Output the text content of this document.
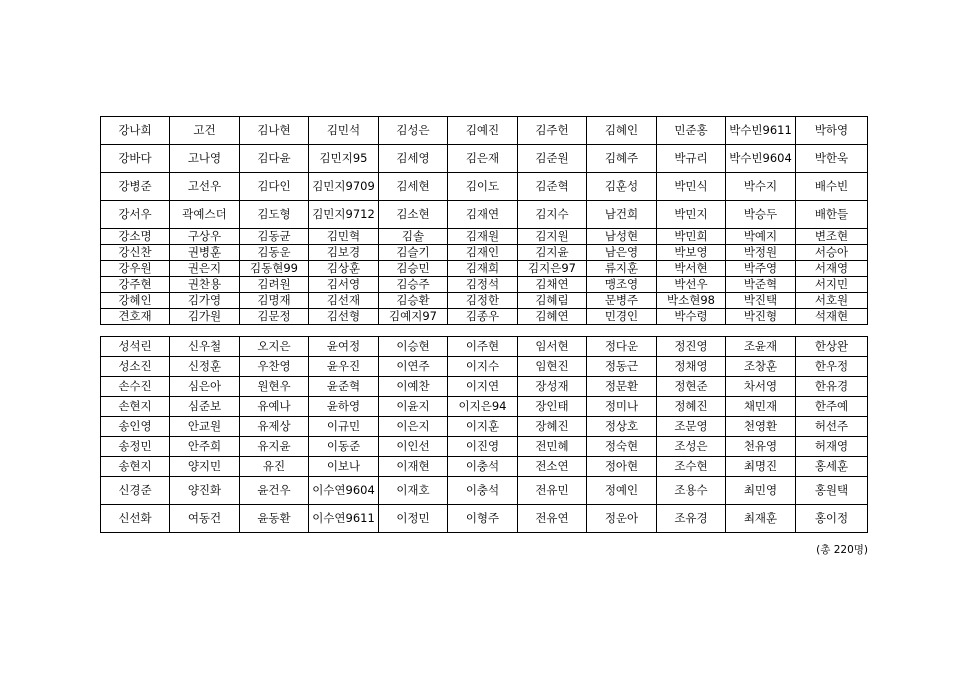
강나희	고건	김나현	김민석	김성은	김예진	김주헌	김혜인	민준홍	박수빈9611	박하영
강바다	고나영	김다윤	김민지95	김세영	김은재	김준원	김혜주	박규리	박수빈9604	박한욱
강병준	고선우	김다인	김민지9709	김세현	김이도	김준혁	김훈성	박민식	박수지	배수빈
강서우	곽예스더	김도형	김민지9712	김소현	김재연	김지수	남건희	박민지	박승두	배한들
강소명	구상우	김동균	김민혁	김솔	김재원	김지원	남성현	박민희	박예지	변조현
강신찬	권병훈	김동운	김보경	김슬기	김재인	김지윤	남은영	박보영	박정원	서승아
강우원	권은지	김동현99	김상훈	김승민	김재희	김지은97	류지훈	박서현	박주영	서재영
강주현	권찬용	김려원	김서영	김승주	김정석	김채연	맹조영	박선우	박준혁	서지민
강혜인	김가영	김명재	김선재	김승환	김정한	김혜림	문병주	박소현98	박진택	서호원
견호재	김가원	김문정	김선형	김예지97	김종우	김혜연	민경인	박수령	박진형	석재현
성석린	신우철	오지은	윤여정	이승현	이주현	임서현	정다운	정진영	조윤재	한상완
성소진	신정훈	우찬영	윤우진	이연주	이지수	임현진	정동근	정채영	조창훈	한우정
손수진	심은아	원현우	윤준혁	이예찬	이지연	장성재	정문환	정현준	차서영	한유경
손현지	심준보	유예나	윤하영	이윤지	이지은94	장인태	정미나	정혜진	채민재	한주예
송인영	안교원	유제상	이규민	이은지	이지훈	장혜진	정상호	조문영	천영환	허선주
송정민	안주희	유지윤	이동준	이인선	이진영	전민혜	정숙현	조성은	천유영	허재영
송현지	양지민	유진	이보나	이재현	이충석	전소연	정아현	조수현	최명진	홍세훈
신경준	양진화	윤건우	이수연9604	이재호	이충석	전유민	정예인	조용수	최민영	홍원택
신선화	여동건	윤동환	이수연9611	이정민	이형주	전유연	정운아	조유경	최재훈	홍이정
(총 220명)
